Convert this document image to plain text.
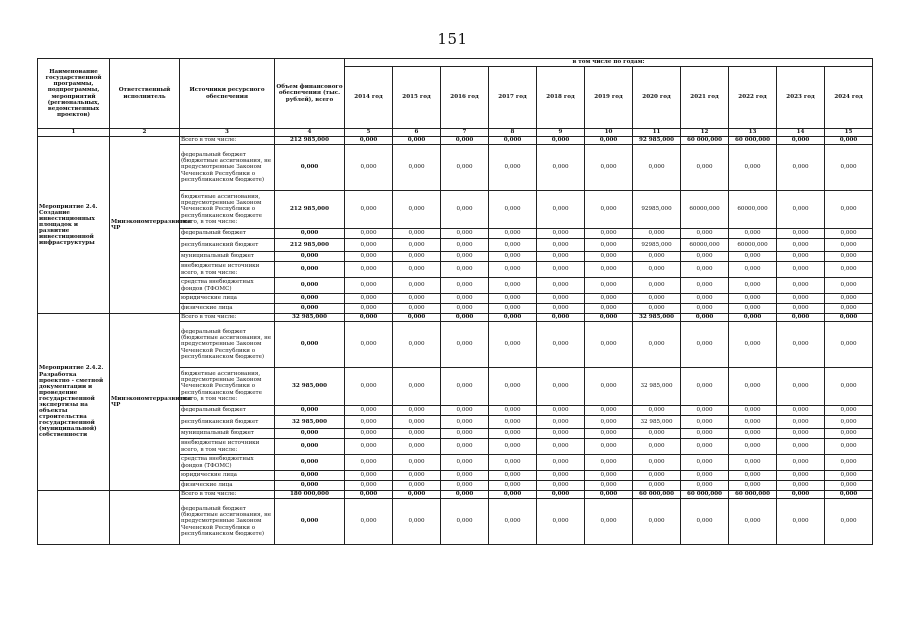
151
Наименование государственной программы, подпрограммы, мероприятий (региональных, ведомственных проектов)	Ответственный исполнитель	Источники ресурсного обеспечения	Объем финансового обеспечения (тыс. рублей), всего	в том числе по годам:										
				2014 год	2015 год	2016 год	2017 год	2018 год	2019 год	2020 год	2021 год	2022 год	2023 год	2024 год
1	2	3	4	5	6	7	8	9	10	11	12	13	14	15
Мероприятие 2.4. Создание инвестиционных площадок и развитие инвестиционной инфраструктуры	Минэкономтерразвития ЧР	Всего в том числе:	212 985,000	0,000	0,000	0,000	0,000	0,000	0,000	92 985,000	60 000,000	60 000,000	0,000	0,000
		федеральный бюджет (бюджетные ассигнования, не предусмотренные Законом Чеченской Республики о республиканском бюджете)	0,000	0,000	0,000	0,000	0,000	0,000	0,000	0,000	0,000	0,000	0,000	0,000
		бюджетные ассигнования, предусмотренные Законом Чеченской Республики о республиканском бюджете всего, в том числе:	212 985,000	0,000	0,000	0,000	0,000	0,000	0,000	92985,000	60000,000	60000,000	0,000	0,000
		федеральный бюджет	0,000	0,000	0,000	0,000	0,000	0,000	0,000	0,000	0,000	0,000	0,000	0,000
		республиканский бюджет	212 985,000	0,000	0,000	0,000	0,000	0,000	0,000	92985,000	60000,000	60000,000	0,000	0,000
		муниципальный бюджет	0,000	0,000	0,000	0,000	0,000	0,000	0,000	0,000	0,000	0,000	0,000	0,000
		внебюджетные источники всего, в том числе:	0,000	0,000	0,000	0,000	0,000	0,000	0,000	0,000	0,000	0,000	0,000	0,000
		средства внебюджетных фондов (ТФОМС)	0,000	0,000	0,000	0,000	0,000	0,000	0,000	0,000	0,000	0,000	0,000	0,000
		юридические лица	0,000	0,000	0,000	0,000	0,000	0,000	0,000	0,000	0,000	0,000	0,000	0,000
		физические лица	0,000	0,000	0,000	0,000	0,000	0,000	0,000	0,000	0,000	0,000	0,000	0,000
Мероприятие 2.4.2. Разработка проектно - сметной документации и проведение государственной экспертизы на объекты строительства государственной (муниципальной) собственности	Минэкономтерразвития ЧР	Всего в том числе:	32 985,000	0,000	0,000	0,000	0,000	0,000	0,000	32 985,000	0,000	0,000	0,000	0,000
		федеральный бюджет (бюджетные ассигнования, не предусмотренные Законом Чеченской Республики о республиканском бюджете)	0,000	0,000	0,000	0,000	0,000	0,000	0,000	0,000	0,000	0,000	0,000	0,000
		бюджетные ассигнования, предусмотренные Законом Чеченской Республики о республиканском бюджете всего, в том числе:	32 985,000	0,000	0,000	0,000	0,000	0,000	0,000	32 985,000	0,000	0,000	0,000	0,000
		федеральный бюджет	0,000	0,000	0,000	0,000	0,000	0,000	0,000	0,000	0,000	0,000	0,000	0,000
		республиканский бюджет	32 985,000	0,000	0,000	0,000	0,000	0,000	0,000	32 985,000	0,000	0,000	0,000	0,000
		муниципальный бюджет	0,000	0,000	0,000	0,000	0,000	0,000	0,000	0,000	0,000	0,000	0,000	0,000
		внебюджетные источники всего, в том числе:	0,000	0,000	0,000	0,000	0,000	0,000	0,000	0,000	0,000	0,000	0,000	0,000
		средства внебюджетных фондов (ТФОМС)	0,000	0,000	0,000	0,000	0,000	0,000	0,000	0,000	0,000	0,000	0,000	0,000
		юридические лица	0,000	0,000	0,000	0,000	0,000	0,000	0,000	0,000	0,000	0,000	0,000	0,000
		физические лица	0,000	0,000	0,000	0,000	0,000	0,000	0,000	0,000	0,000	0,000	0,000	0,000
		Всего в том числе:	180 000,000	0,000	0,000	0,000	0,000	0,000	0,000	60 000,000	60 000,000	60 000,000	0,000	0,000
		федеральный бюджет (бюджетные ассигнования, не предусмотренные Законом Чеченской Республики о республиканском бюджете)	0,000	0,000	0,000	0,000	0,000	0,000	0,000	0,000	0,000	0,000	0,000	0,000
